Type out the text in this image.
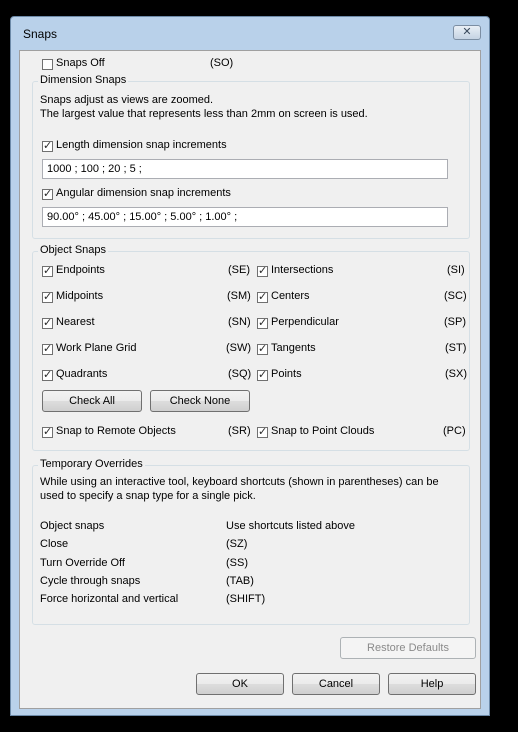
Snaps	✕
Snaps Off	(SO)
Dimension Snaps
Snaps adjust as views are zoomed.
The largest value that represents less than 2mm on screen is used.
✓
Length dimension snap increments
1000 ; 100 ; 20 ; 5 ;
✓
Angular dimension snap increments
90.00° ; 45.00° ; 15.00° ; 5.00° ; 1.00° ;
Object Snaps
✓
Endpoints	(SE)
✓
Midpoints	(SM)
✓
Nearest	(SN)
✓
Work Plane Grid	(SW)
✓
Quadrants	(SQ)
✓
Intersections	(SI)
✓
Centers	(SC)
✓
Perpendicular	(SP)
✓
Tangents	(ST)
✓
Points	(SX)
Check All	Check None
✓
Snap to Remote Objects	(SR)
✓ Snap to Point Clouds	(PC)
Temporary Overrides
While using an interactive tool, keyboard shortcuts (shown in parentheses) can be
used to specify a snap type for a single pick.
Object snaps	Use shortcuts listed above
Close	(SZ)
Turn Override Off	(SS)
Cycle through snaps	(TAB)
Force horizontal and vertical	(SHIFT)
Restore Defaults
OK	Cancel	Help
